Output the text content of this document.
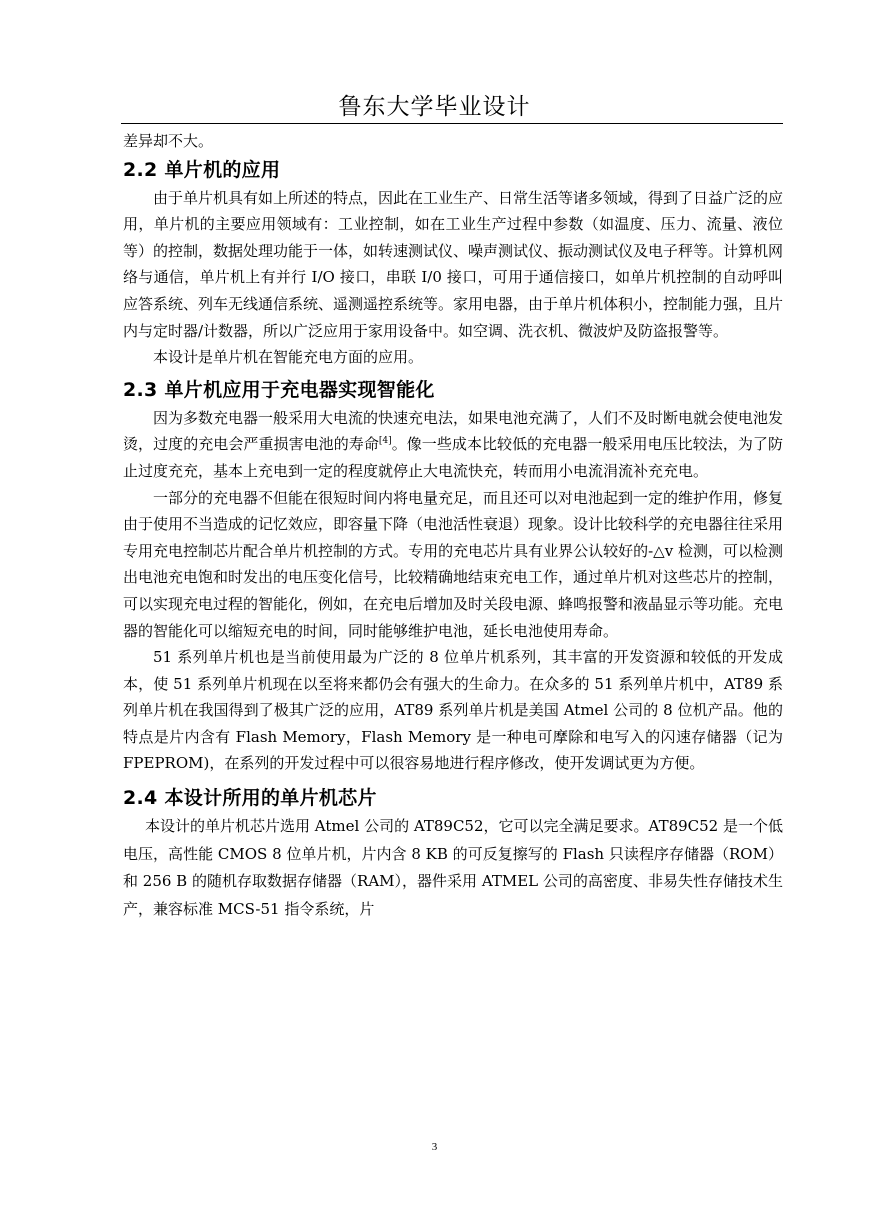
鲁东大学毕业设计

差异却不大。

2.2 单片机的应用

由于单片机具有如上所述的特点，因此在工业生产、日常生活等诸多领域，得到了日益广泛的应用，单片机的主要应用领域有：工业控制，如在工业生产过程中参数（如温度、压力、流量、液位等）的控制，数据处理功能于一体，如转速测试仪、噪声测试仪、振动测试仪及电子秤等。计算机网络与通信，单片机上有并行 I/O 接口，串联 I/0 接口，可用于通信接口，如单片机控制的自动呼叫应答系统、列车无线通信系统、遥测遥控系统等。家用电器，由于单片机体积小，控制能力强，且片内与定时器/计数器，所以广泛应用于家用设备中。如空调、洗衣机、微波炉及防盗报警等。

本设计是单片机在智能充电方面的应用。

2.3 单片机应用于充电器实现智能化

因为多数充电器一般采用大电流的快速充电法，如果电池充满了，人们不及时断电就会使电池发烫，过度的充电会严重损害电池的寿命[4]。像一些成本比较低的充电器一般采用电压比较法，为了防止过度充充，基本上充电到一定的程度就停止大电流快充，转而用小电流涓流补充充电。

一部分的充电器不但能在很短时间内将电量充足，而且还可以对电池起到一定的维护作用，修复由于使用不当造成的记忆效应，即容量下降（电池活性衰退）现象。设计比较科学的充电器往往采用专用充电控制芯片配合单片机控制的方式。专用的充电芯片具有业界公认较好的-△v 检测，可以检测出电池充电饱和时发出的电压变化信号，比较精确地结束充电工作，通过单片机对这些芯片的控制，可以实现充电过程的智能化，例如，在充电后增加及时关段电源、蜂鸣报警和液晶显示等功能。充电器的智能化可以缩短充电的时间，同时能够维护电池，延长电池使用寿命。

51 系列单片机也是当前使用最为广泛的 8 位单片机系列，其丰富的开发资源和较低的开发成本，使 51 系列单片机现在以至将来都仍会有强大的生命力。在众多的 51 系列单片机中，AT89 系列单片机在我国得到了极其广泛的应用，AT89 系列单片机是美国 Atmel 公司的 8 位机产品。他的特点是片内含有 Flash Memory，Flash Memory 是一种电可摩除和电写入的闪速存储器（记为 FPEPROM)，在系列的开发过程中可以很容易地进行程序修改，使开发调试更为方便。

2.4 本设计所用的单片机芯片

本设计的单片机芯片选用 Atmel 公司的 AT89C52，它可以完全满足要求。AT89C52 是一个低电压，高性能 CMOS 8 位单片机，片内含 8 KB 的可反复擦写的 Flash 只读程序存储器（ROM）和 256 B 的随机存取数据存储器（RAM），器件采用 ATMEL 公司的高密度、非易失性存储技术生产，兼容标准 MCS-51 指令系统，片

3
